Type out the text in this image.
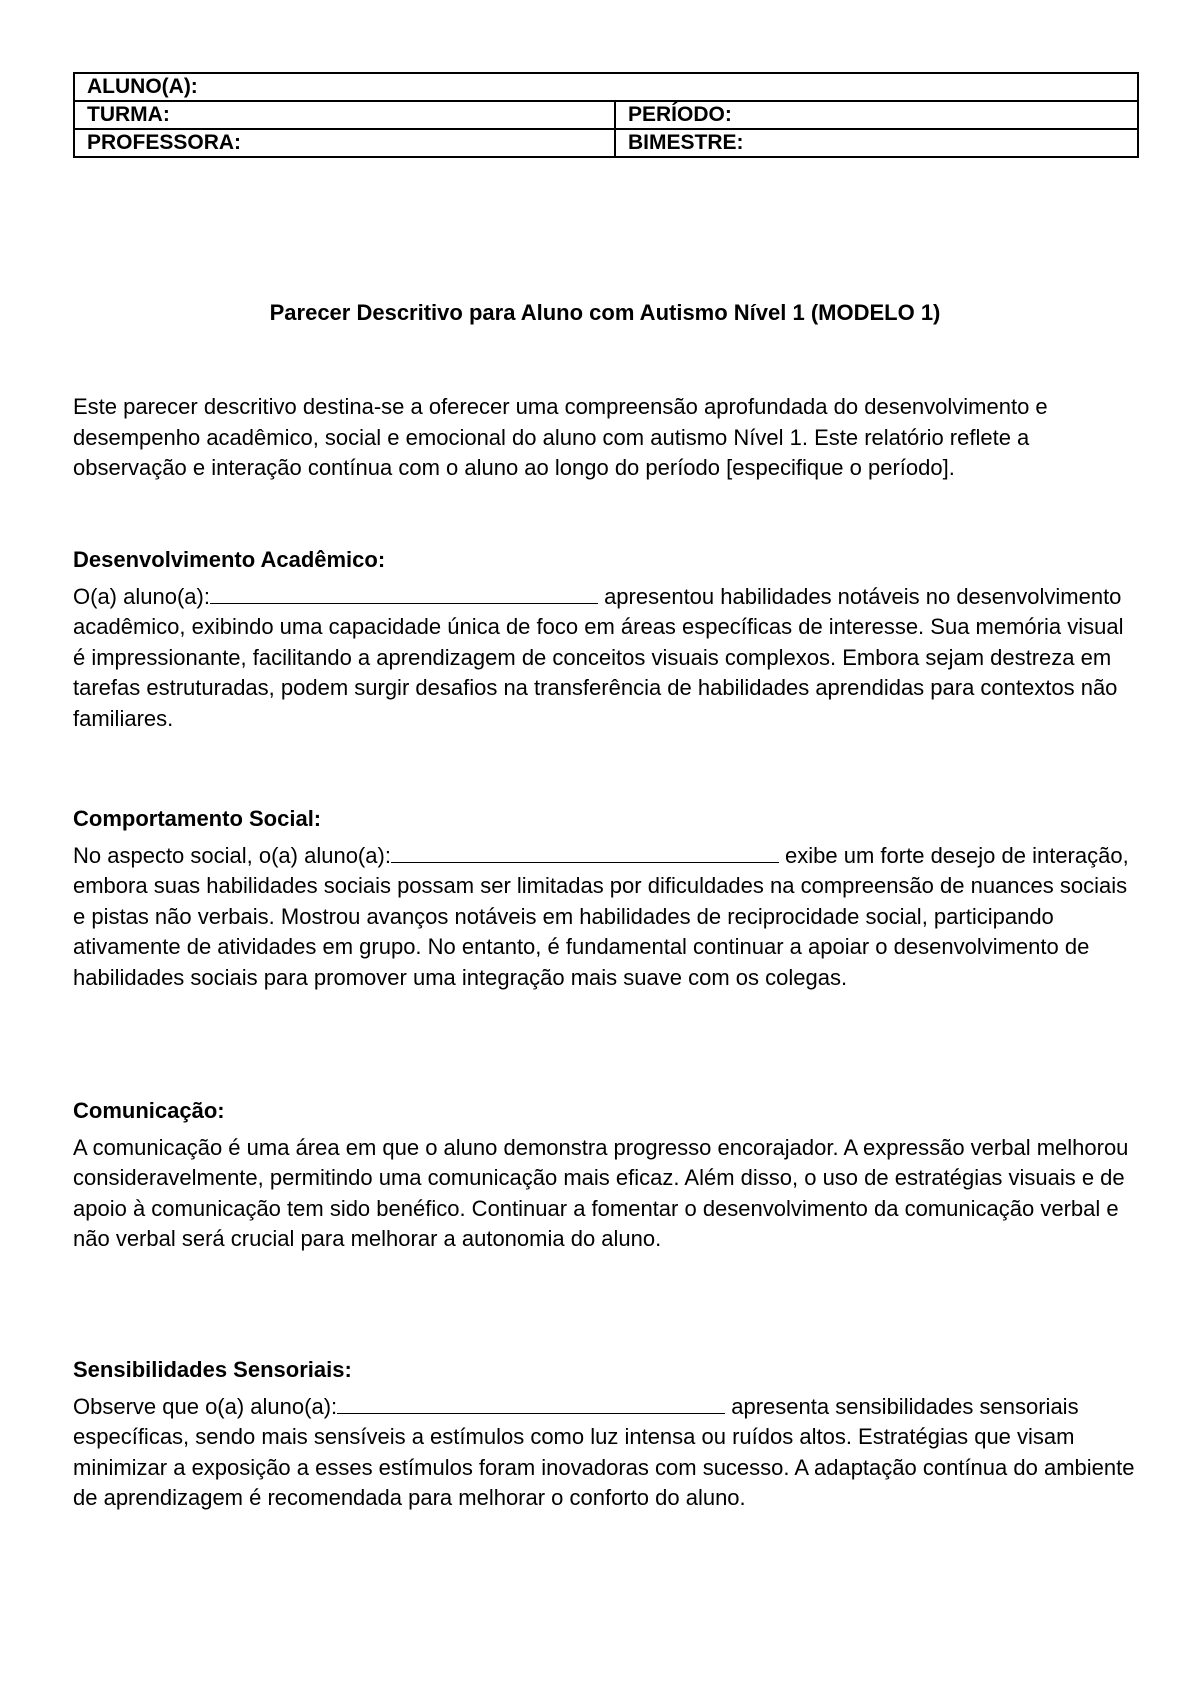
ALUNO(A):	
TURMA:	PERÍODO:
PROFESSORA:	BIMESTRE:
Parecer Descritivo para Aluno com Autismo Nível 1 (MODELO 1)

Este parecer descritivo destina-se a oferecer uma compreensão aprofundada do desenvolvimento e desempenho acadêmico, social e emocional do aluno com autismo Nível 1. Este relatório reflete a observação e interação contínua com o aluno ao longo do período [especifique o período].

Desenvolvimento Acadêmico:

O(a) aluno(a):	apresentou habilidades notáveis no desenvolvimento acadêmico, exibindo uma capacidade única de foco em áreas específicas de interesse. Sua memória visual é impressionante, facilitando a aprendizagem de conceitos visuais complexos. Embora sejam destreza em tarefas estruturadas, podem surgir desafios na transferência de habilidades aprendidas para contextos não familiares.

Comportamento Social:

No aspecto social, o(a) aluno(a):	exibe um forte desejo de interação, embora suas habilidades sociais possam ser limitadas por dificuldades na compreensão de nuances sociais e pistas não verbais. Mostrou avanços notáveis em habilidades de reciprocidade social, participando ativamente de atividades em grupo. No entanto, é fundamental continuar a apoiar o desenvolvimento de habilidades sociais para promover uma integração mais suave com os colegas.

Comunicação:

A comunicação é uma área em que o aluno demonstra progresso encorajador. A expressão verbal melhorou consideravelmente, permitindo uma comunicação mais eficaz. Além disso, o uso de estratégias visuais e de apoio à comunicação tem sido benéfico. Continuar a fomentar o desenvolvimento da comunicação verbal e não verbal será crucial para melhorar a autonomia do aluno.

Sensibilidades Sensoriais:

Observe que o(a) aluno(a):	apresenta sensibilidades sensoriais específicas, sendo mais sensíveis a estímulos como luz intensa ou ruídos altos. Estratégias que visam minimizar a exposição a esses estímulos foram inovadoras com sucesso. A adaptação contínua do ambiente de aprendizagem é recomendada para melhorar o conforto do aluno.
